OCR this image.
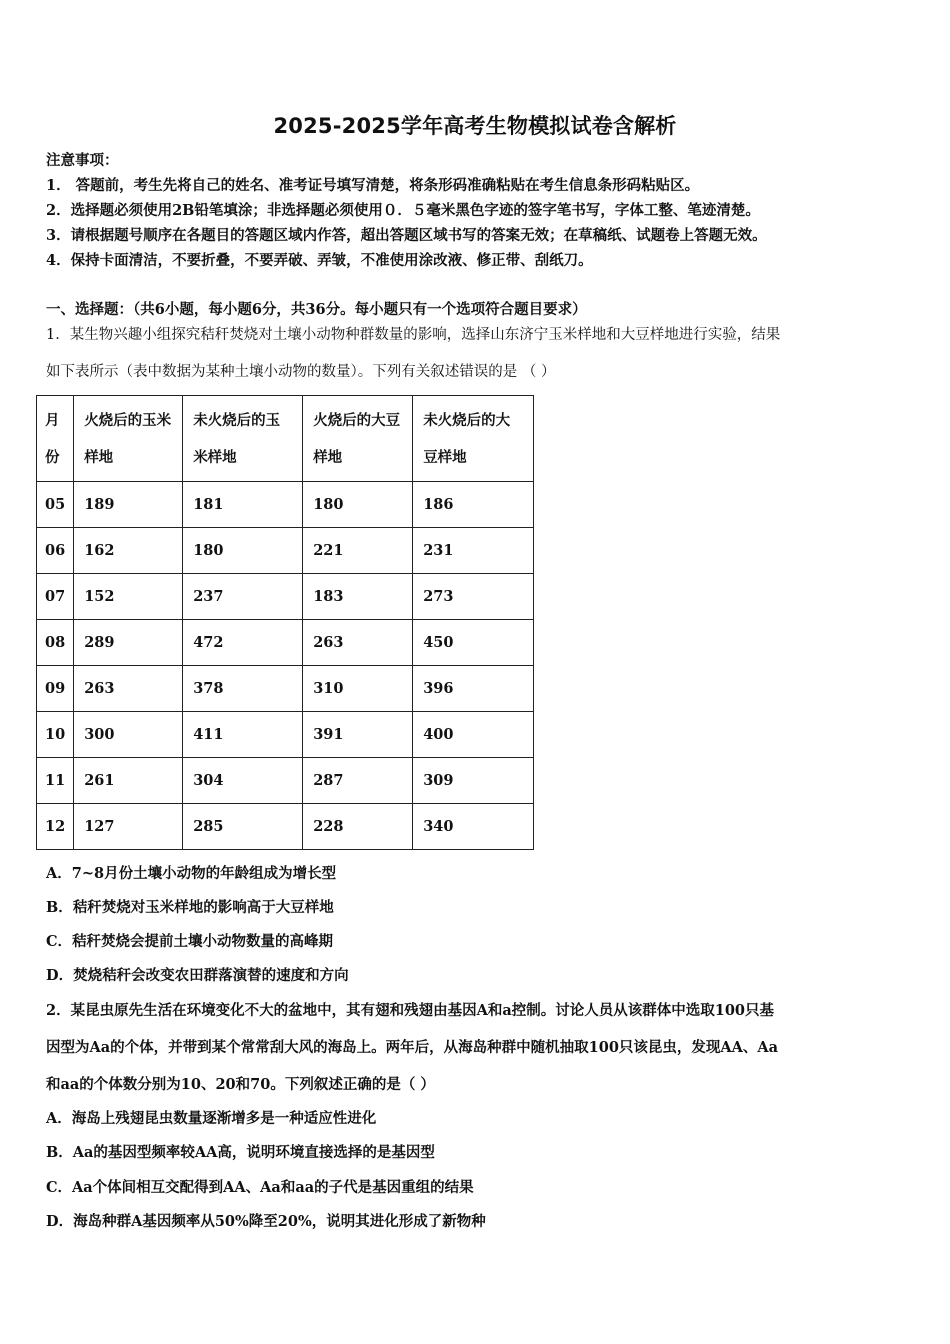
2025-2025学年高考生物模拟试卷含解析
注意事项：
1． 答题前，考生先将自己的姓名、准考证号填写清楚，将条形码准确粘贴在考生信息条形码粘贴区。
2．选择题必须使用2B铅笔填涂；非选择题必须使用０．５毫米黑色字迹的签字笔书写，字体工整、笔迹清楚。
3．请根据题号顺序在各题目的答题区域内作答，超出答题区域书写的答案无效；在草稿纸、试题卷上答题无效。
4．保持卡面清洁，不要折叠，不要弄破、弄皱，不准使用涂改液、修正带、刮纸刀。
一、选择题：（共6小题，每小题6分，共36分。每小题只有一个选项符合题目要求）
1．某生物兴趣小组探究秸秆焚烧对土壤小动物种群数量的影响，选择山东济宁玉米样地和大豆样地进行实验，结果
如下表所示（表中数据为某种土壤小动物的数量）。下列有关叙述错误的是 （ ）
月份	火烧后的玉米样地	未火烧后的玉米样地	火烧后的大豆样地	未火烧后的大豆样地
05	189	181	180	186
06	162	180	221	231
07	152	237	183	273
08	289	472	263	450
09	263	378	310	396
10	300	411	391	400
11	261	304	287	309
12	127	285	228	340
A．7~8月份土壤小动物的年龄组成为增长型
B．秸秆焚烧对玉米样地的影响高于大豆样地
C．秸秆焚烧会提前土壤小动物数量的高峰期
D．焚烧秸秆会改变农田群落演替的速度和方向
2．某昆虫原先生活在环境变化不大的盆地中，其有翅和残翅由基因A和a控制。讨论人员从该群体中选取100只基
因型为Aa的个体，并带到某个常常刮大风的海岛上。两年后，从海岛种群中随机抽取100只该昆虫，发现AA、Aa
和aa的个体数分别为10、20和70。下列叙述正确的是（ ）
A．海岛上残翅昆虫数量逐渐增多是一种适应性进化
B．Aa的基因型频率较AA高，说明环境直接选择的是基因型
C．Aa个体间相互交配得到AA、Aa和aa的子代是基因重组的结果
D．海岛种群A基因频率从50%降至20%，说明其进化形成了新物种
